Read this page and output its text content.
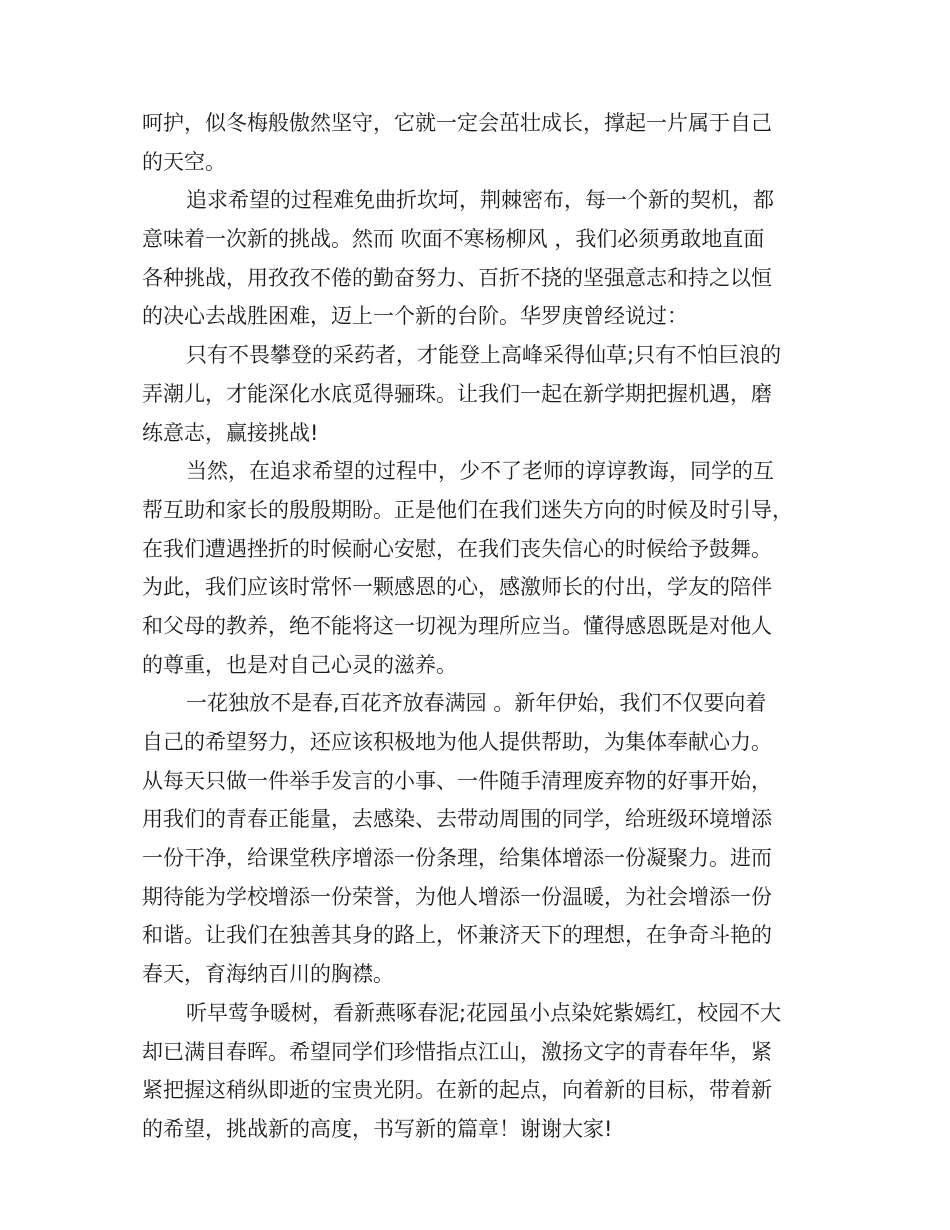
呵护，似冬梅般傲然坚守，它就一定会茁壮成长，撑起一片属于自己
的天空。
追求希望的过程难免曲折坎坷，荆棘密布，每一个新的契机，都
意味着一次新的挑战。然而 吹面不寒杨柳风 ，我们必须勇敢地直面
各种挑战，用孜孜不倦的勤奋努力、百折不挠的坚强意志和持之以恒
的决心去战胜困难，迈上一个新的台阶。华罗庚曾经说过：
只有不畏攀登的采药者，才能登上高峰采得仙草;只有不怕巨浪的
弄潮儿，才能深化水底觅得骊珠。让我们一起在新学期把握机遇，磨
练意志，赢接挑战!
当然，在追求希望的过程中，少不了老师的谆谆教诲，同学的互
帮互助和家长的殷殷期盼。正是他们在我们迷失方向的时候及时引导，
在我们遭遇挫折的时候耐心安慰，在我们丧失信心的时候给予鼓舞。
为此，我们应该时常怀一颗感恩的心，感激师长的付出，学友的陪伴
和父母的教养，绝不能将这一切视为理所应当。懂得感恩既是对他人
的尊重，也是对自己心灵的滋养。
一花独放不是春,百花齐放春满园 。新年伊始，我们不仅要向着
自己的希望努力，还应该积极地为他人提供帮助，为集体奉献心力。
从每天只做一件举手发言的小事、一件随手清理废弃物的好事开始，
用我们的青春正能量，去感染、去带动周围的同学，给班级环境增添
一份干净，给课堂秩序增添一份条理，给集体增添一份凝聚力。进而
期待能为学校增添一份荣誉，为他人增添一份温暖，为社会增添一份
和谐。让我们在独善其身的路上，怀兼济天下的理想，在争奇斗艳的
春天，育海纳百川的胸襟。
听早莺争暖树，看新燕啄春泥;花园虽小点染姹紫嫣红，校园不大
却已满目春晖。希望同学们珍惜指点江山，激扬文字的青春年华，紧
紧把握这稍纵即逝的宝贵光阴。在新的起点，向着新的目标，带着新
的希望，挑战新的高度，书写新的篇章！谢谢大家!
